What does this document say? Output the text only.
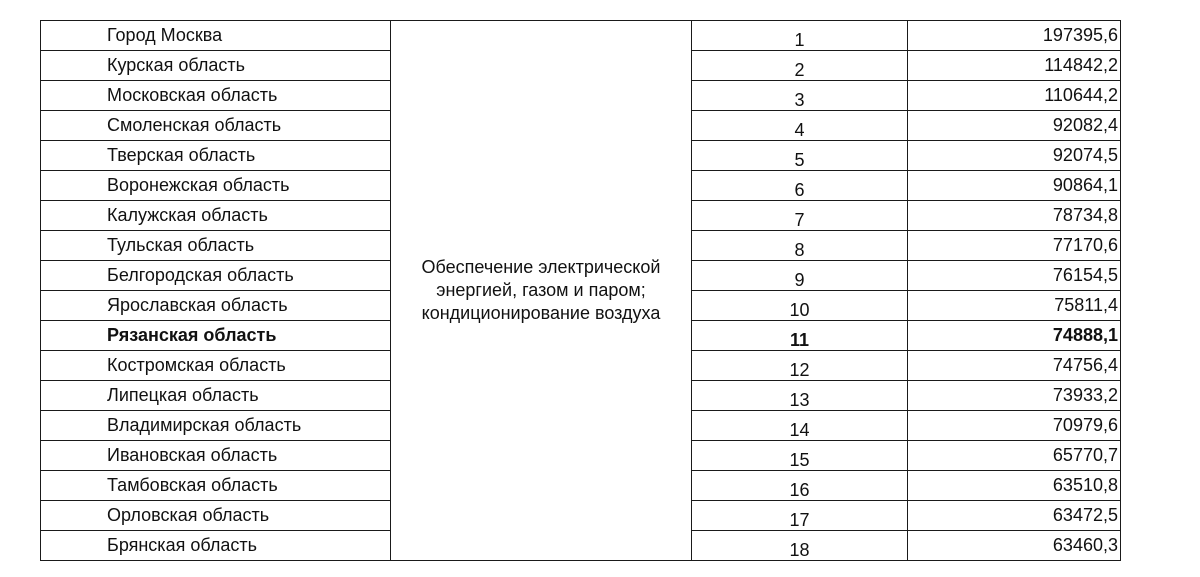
Город Москва	Обеспечение электрической энергией, газом и паром; кондиционирование воздуха	1	197395,6
Курская область		2	114842,2
Московская область		3	110644,2
Смоленская область		4	92082,4
Тверская область		5	92074,5
Воронежская область		6	90864,1
Калужская область		7	78734,8
Тульская область		8	77170,6
Белгородская область		9	76154,5
Ярославская область		10	75811,4
Рязанская область		11	74888,1
Костромская область		12	74756,4
Липецкая область		13	73933,2
Владимирская область		14	70979,6
Ивановская область		15	65770,7
Тамбовская область		16	63510,8
Орловская область		17	63472,5
Брянская область		18	63460,3
